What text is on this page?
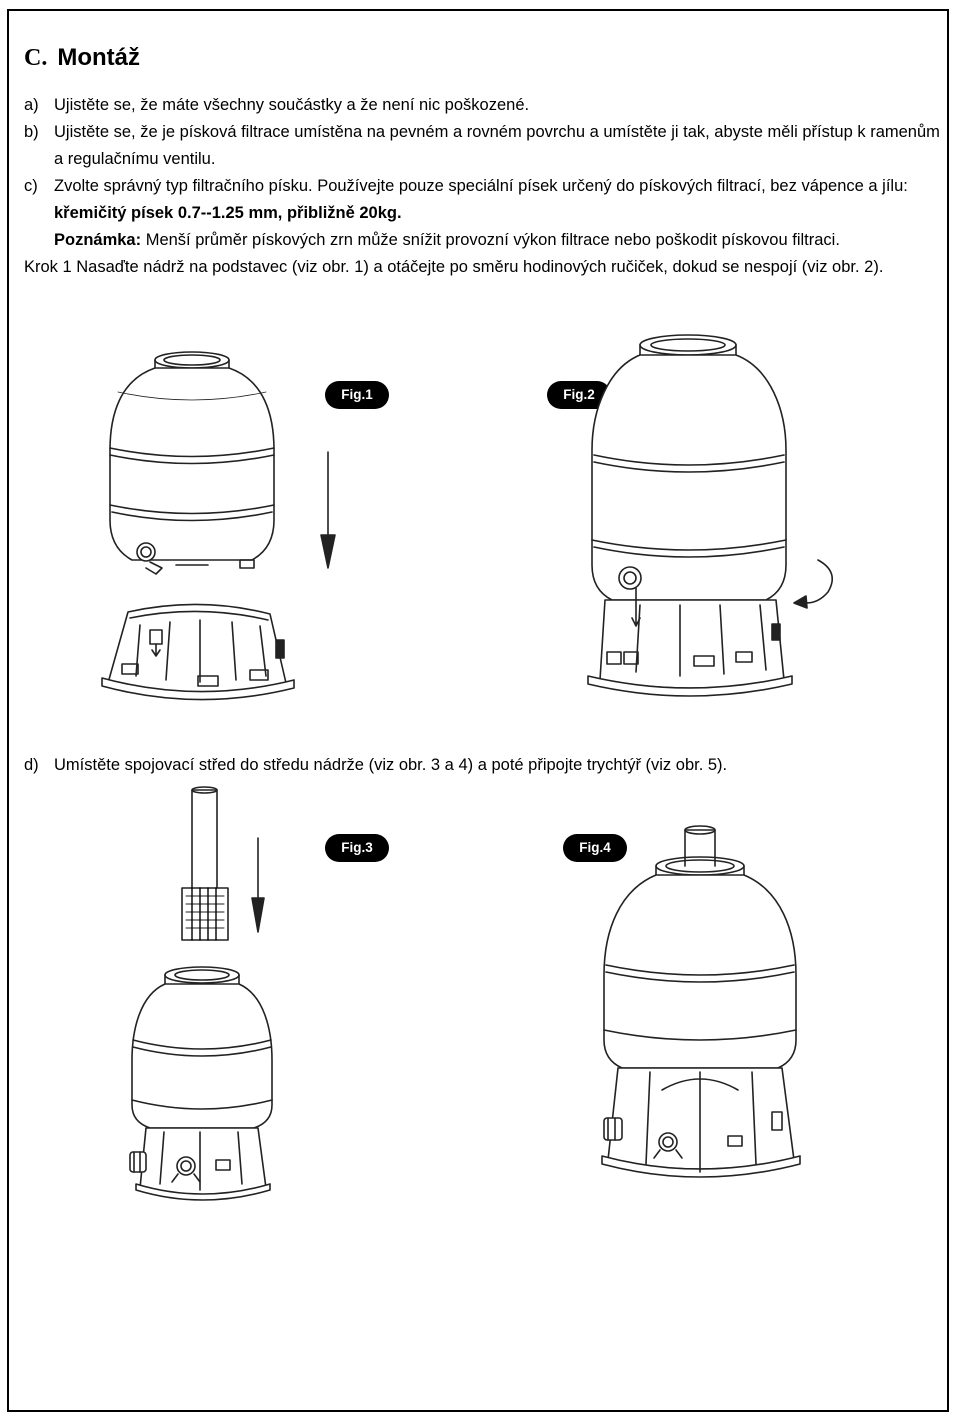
C. Montáž
a) Ujistěte se, že máte všechny součástky a že není nic poškozené.
b) Ujistěte se, že je písková filtrace umístěna na pevném a rovném povrchu a umístěte ji tak, abyste měli přístup k ramenům a regulačnímu ventilu.
c) Zvolte správný typ filtračního písku. Používejte pouze speciální písek určený do pískových filtrací, bez vápence a jílu: křemičitý písek 0.7--1.25 mm, přibližně 20kg.
Poznámka: Menší průměr pískových zrn může snížit provozní výkon filtrace nebo poškodit pískovou filtraci.
Krok 1 Nasaďte nádrž na podstavec (viz obr. 1) a otáčejte po směru hodinových ručiček, dokud se nespojí (viz obr. 2).
d) Umístěte spojovací střed do středu nádrže (viz obr. 3 a 4) a poté připojte trychtýř (viz obr. 5).
Fig.1	Fig.2
Fig.3	Fig.4
